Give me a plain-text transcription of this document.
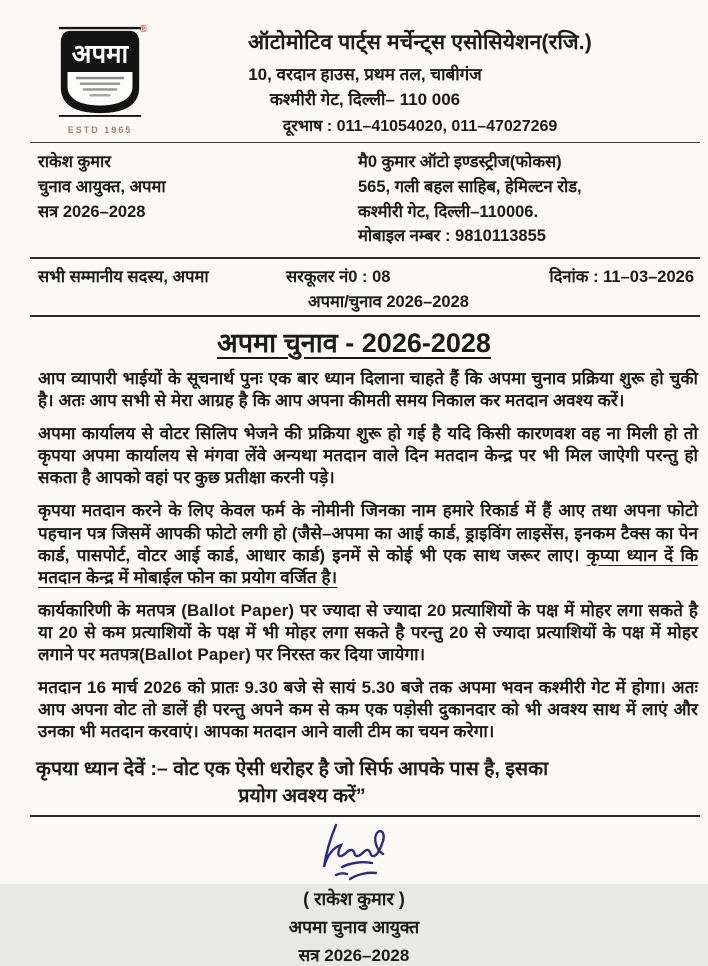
अपमा
®
ESTD 1965
ऑटोमोटिव पार्ट्स मर्चेन्ट्स एसोसियेशन(रजि.)
10, वरदान हाउस, प्रथम तल, चाबीगंज
कश्मीरी गेट, दिल्ली– 110 006
दूरभाष : 011–41054020, 011–47027269
राकेश कुमार
चुनाव आयुक्त, अपमा
सत्र 2026–2028
मै0 कुमार ऑटो इण्डस्ट्रीज(फोकस)
565, गली बहल साहिब, हेमिल्टन रोड,
कश्मीरी गेट, दिल्ली–110006.
मोबाइल नम्बर : 9810113855
सभी सम्मानीय सदस्य, अपमा	सरकूलर नं0 : 08
अपमा/चुनाव 2026–2028
दिनांक : 11–03–2026
अपमा चुनाव - 2026-2028

आप व्यापारी भाईयों के सूचनार्थ पुनः एक बार ध्यान दिलाना चाहते हैं कि अपमा चुनाव प्रक्रिया शुरू हो चुकी है। अतः आप सभी से मेरा आग्रह है कि आप अपना कीमती समय निकाल कर मतदान अवश्य करें।

अपमा कार्यालय से वोटर सिलिप भेजने की प्रक्रिया शुरू हो गई है यदि किसी कारणवश वह ना मिली हो तो कृपया अपमा कार्यालय से मंगवा लेंवे अन्यथा मतदान वाले दिन मतदान केन्द्र पर भी मिल जाऐगी परन्तु हो सकता है आपको वहां पर कुछ प्रतीक्षा करनी पड़े।

कृपया मतदान करने के लिए केवल फर्म के नोमीनी जिनका नाम हमारे रिकार्ड में हैं आए तथा अपना फोटो पहचान पत्र जिसमें आपकी फोटो लगी हो (जैसे–अपमा का आई कार्ड, ड्राइविंग लाइसेंस, इनकम टैक्स का पेन कार्ड, पासपोर्ट, वोटर आई कार्ड, आधार कार्ड) इनमें से कोई भी एक साथ जरूर लाए। कृप्या ध्यान दें कि मतदान केन्द्र में मोबाईल फोन का प्रयोग वर्जित है।

कार्यकारिणी के मतपत्र (Ballot Paper) पर ज्यादा से ज्यादा 20 प्रत्याशियों के पक्ष में मोहर लगा सकते है या 20 से कम प्रत्याशियों के पक्ष में भी मोहर लगा सकते है परन्तु 20 से ज्यादा प्रत्याशियों के पक्ष में मोहर लगाने पर मतपत्र(Ballot Paper) पर निरस्त कर दिया जायेगा।

मतदान 16 मार्च 2026 को प्रातः 9.30 बजे से सायं 5.30 बजे तक अपमा भवन कश्मीरी गेट में होगा। अतः आप अपना वोट तो डालें ही परन्तु अपने कम से कम एक पड़ोसी दुकानदार को भी अवश्य साथ में लाएं और उनका भी मतदान करवाएं। आपका मतदान आने वाली टीम का चयन करेगा।

कृपया ध्यान देवें :– वोट एक ऐसी धरोहर है जो सिर्फ आपके पास है, इसका
प्रयोग अवश्य करें”
( राकेश कुमार )
अपमा चुनाव आयुक्त
सत्र 2026–2028
